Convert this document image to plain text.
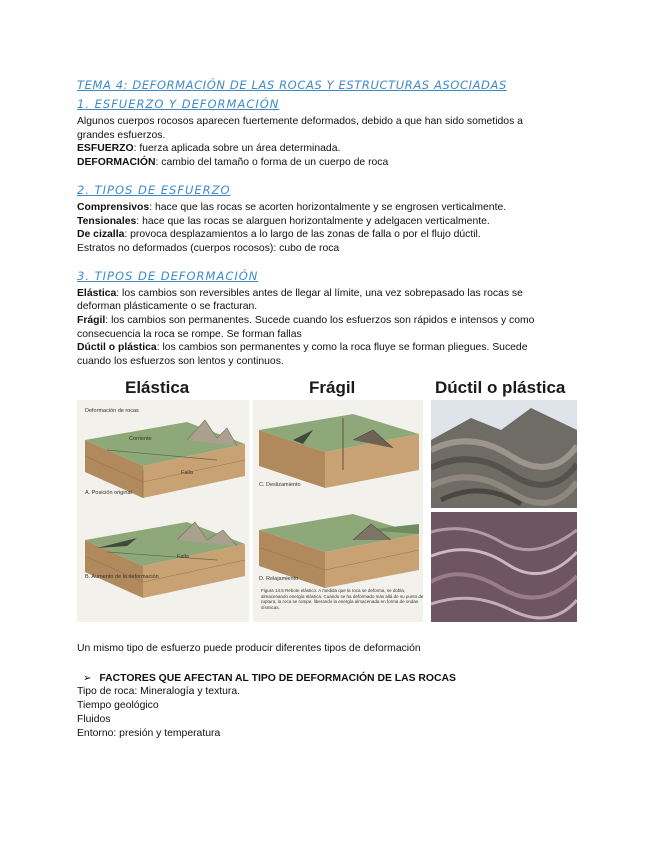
TEMA 4: DEFORMACIÓN DE LAS ROCAS Y ESTRUCTURAS ASOCIADAS

1. ESFUERZO Y DEFORMACIÓN

Algunos cuerpos rocosos aparecen fuertemente deformados, debido a que han sido sometidos a
grandes esfuerzos.

ESFUERZO: fuerza aplicada sobre un área determinada.

DEFORMACIÓN: cambio del tamaño o forma de un cuerpo de roca

2. TIPOS DE ESFUERZO

Comprensivos: hace que las rocas se acorten horizontalmente y se engrosen verticalmente.

Tensionales: hace que las rocas se alarguen horizontalmente y adelgacen verticalmente.

De cizalla: provoca desplazamientos a lo largo de las zonas de falla o por el flujo dúctil.

Estratos no deformados (cuerpos rocosos): cubo de roca

3. TIPOS DE DEFORMACIÓN

Elástica: los cambios son reversibles antes de llegar al límite, una vez sobrepasado las rocas se
deforman plásticamente o se fracturan.

Frágil: los cambios son permanentes. Sucede cuando los esfuerzos son rápidos e intensos y como
consecuencia la roca se rompe. Se forman fallas

Dúctil o plástica: los cambios son permanentes y como la roca fluye se forman pliegues. Sucede
cuando los esfuerzos son lentos y continuos.

Elástica	Frágil	Dúctil o plástica
Deformación de rocas
Corriente
Falla
A. Posición original
Falla
B. Aumento de la deformación
C. Deslizamiento
D. Relajamiento
Figura 14.5 Rebote elástico. A medida que la roca se deforma, se dobla, almacenando energía elástica. Cuando se ha deformado más allá de su punto de ruptura, la roca se rompe, liberando la energía almacenada en forma de ondas sísmicas.

Un mismo tipo de esfuerzo puede producir diferentes tipos de deformación

➢ FACTORES QUE AFECTAN AL TIPO DE DEFORMACIÓN DE LAS ROCAS

Tipo de roca: Mineralogía y textura.

Tiempo geológico

Fluidos

Entorno: presión y temperatura
